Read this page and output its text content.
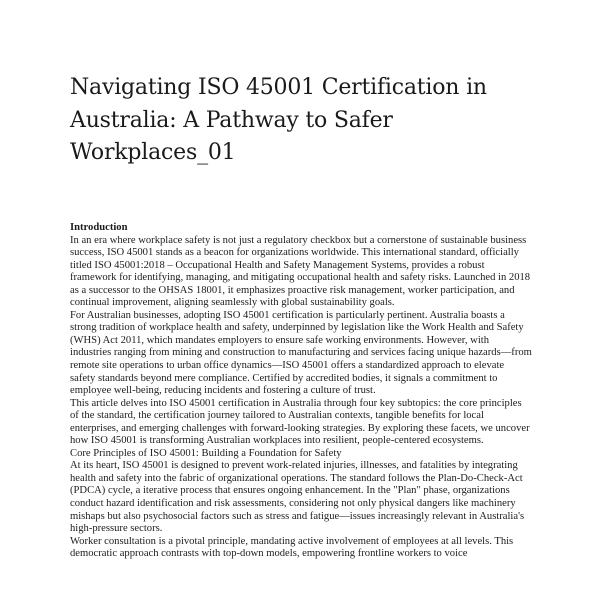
Navigating ISO 45001 Certification in Australia: A Pathway to Safer Workplaces_01

Introduction

In an era where workplace safety is not just a regulatory checkbox but a cornerstone of sustainable business success, ISO 45001 stands as a beacon for organizations worldwide. This international standard, officially titled ISO 45001:2018 – Occupational Health and Safety Management Systems, provides a robust framework for identifying, managing, and mitigating occupational health and safety risks. Launched in 2018 as a successor to the OHSAS 18001, it emphasizes proactive risk management, worker participation, and continual improvement, aligning seamlessly with global sustainability goals.

For Australian businesses, adopting ISO 45001 certification is particularly pertinent. Australia boasts a strong tradition of workplace health and safety, underpinned by legislation like the Work Health and Safety (WHS) Act 2011, which mandates employers to ensure safe working environments. However, with industries ranging from mining and construction to manufacturing and services facing unique hazards—from remote site operations to urban office dynamics—ISO 45001 offers a standardized approach to elevate safety standards beyond mere compliance. Certified by accredited bodies, it signals a commitment to employee well-being, reducing incidents and fostering a culture of trust.

This article delves into ISO 45001 certification in Australia through four key subtopics: the core principles of the standard, the certification journey tailored to Australian contexts, tangible benefits for local enterprises, and emerging challenges with forward-looking strategies. By exploring these facets, we uncover how ISO 45001 is transforming Australian workplaces into resilient, people-centered ecosystems.

Core Principles of ISO 45001: Building a Foundation for Safety

At its heart, ISO 45001 is designed to prevent work-related injuries, illnesses, and fatalities by integrating health and safety into the fabric of organizational operations. The standard follows the Plan-Do-Check-Act (PDCA) cycle, a iterative process that ensures ongoing enhancement. In the "Plan" phase, organizations conduct hazard identification and risk assessments, considering not only physical dangers like machinery mishaps but also psychosocial factors such as stress and fatigue—issues increasingly relevant in Australia's high-pressure sectors.

Worker consultation is a pivotal principle, mandating active involvement of employees at all levels. This democratic approach contrasts with top-down models, empowering frontline workers to voice
